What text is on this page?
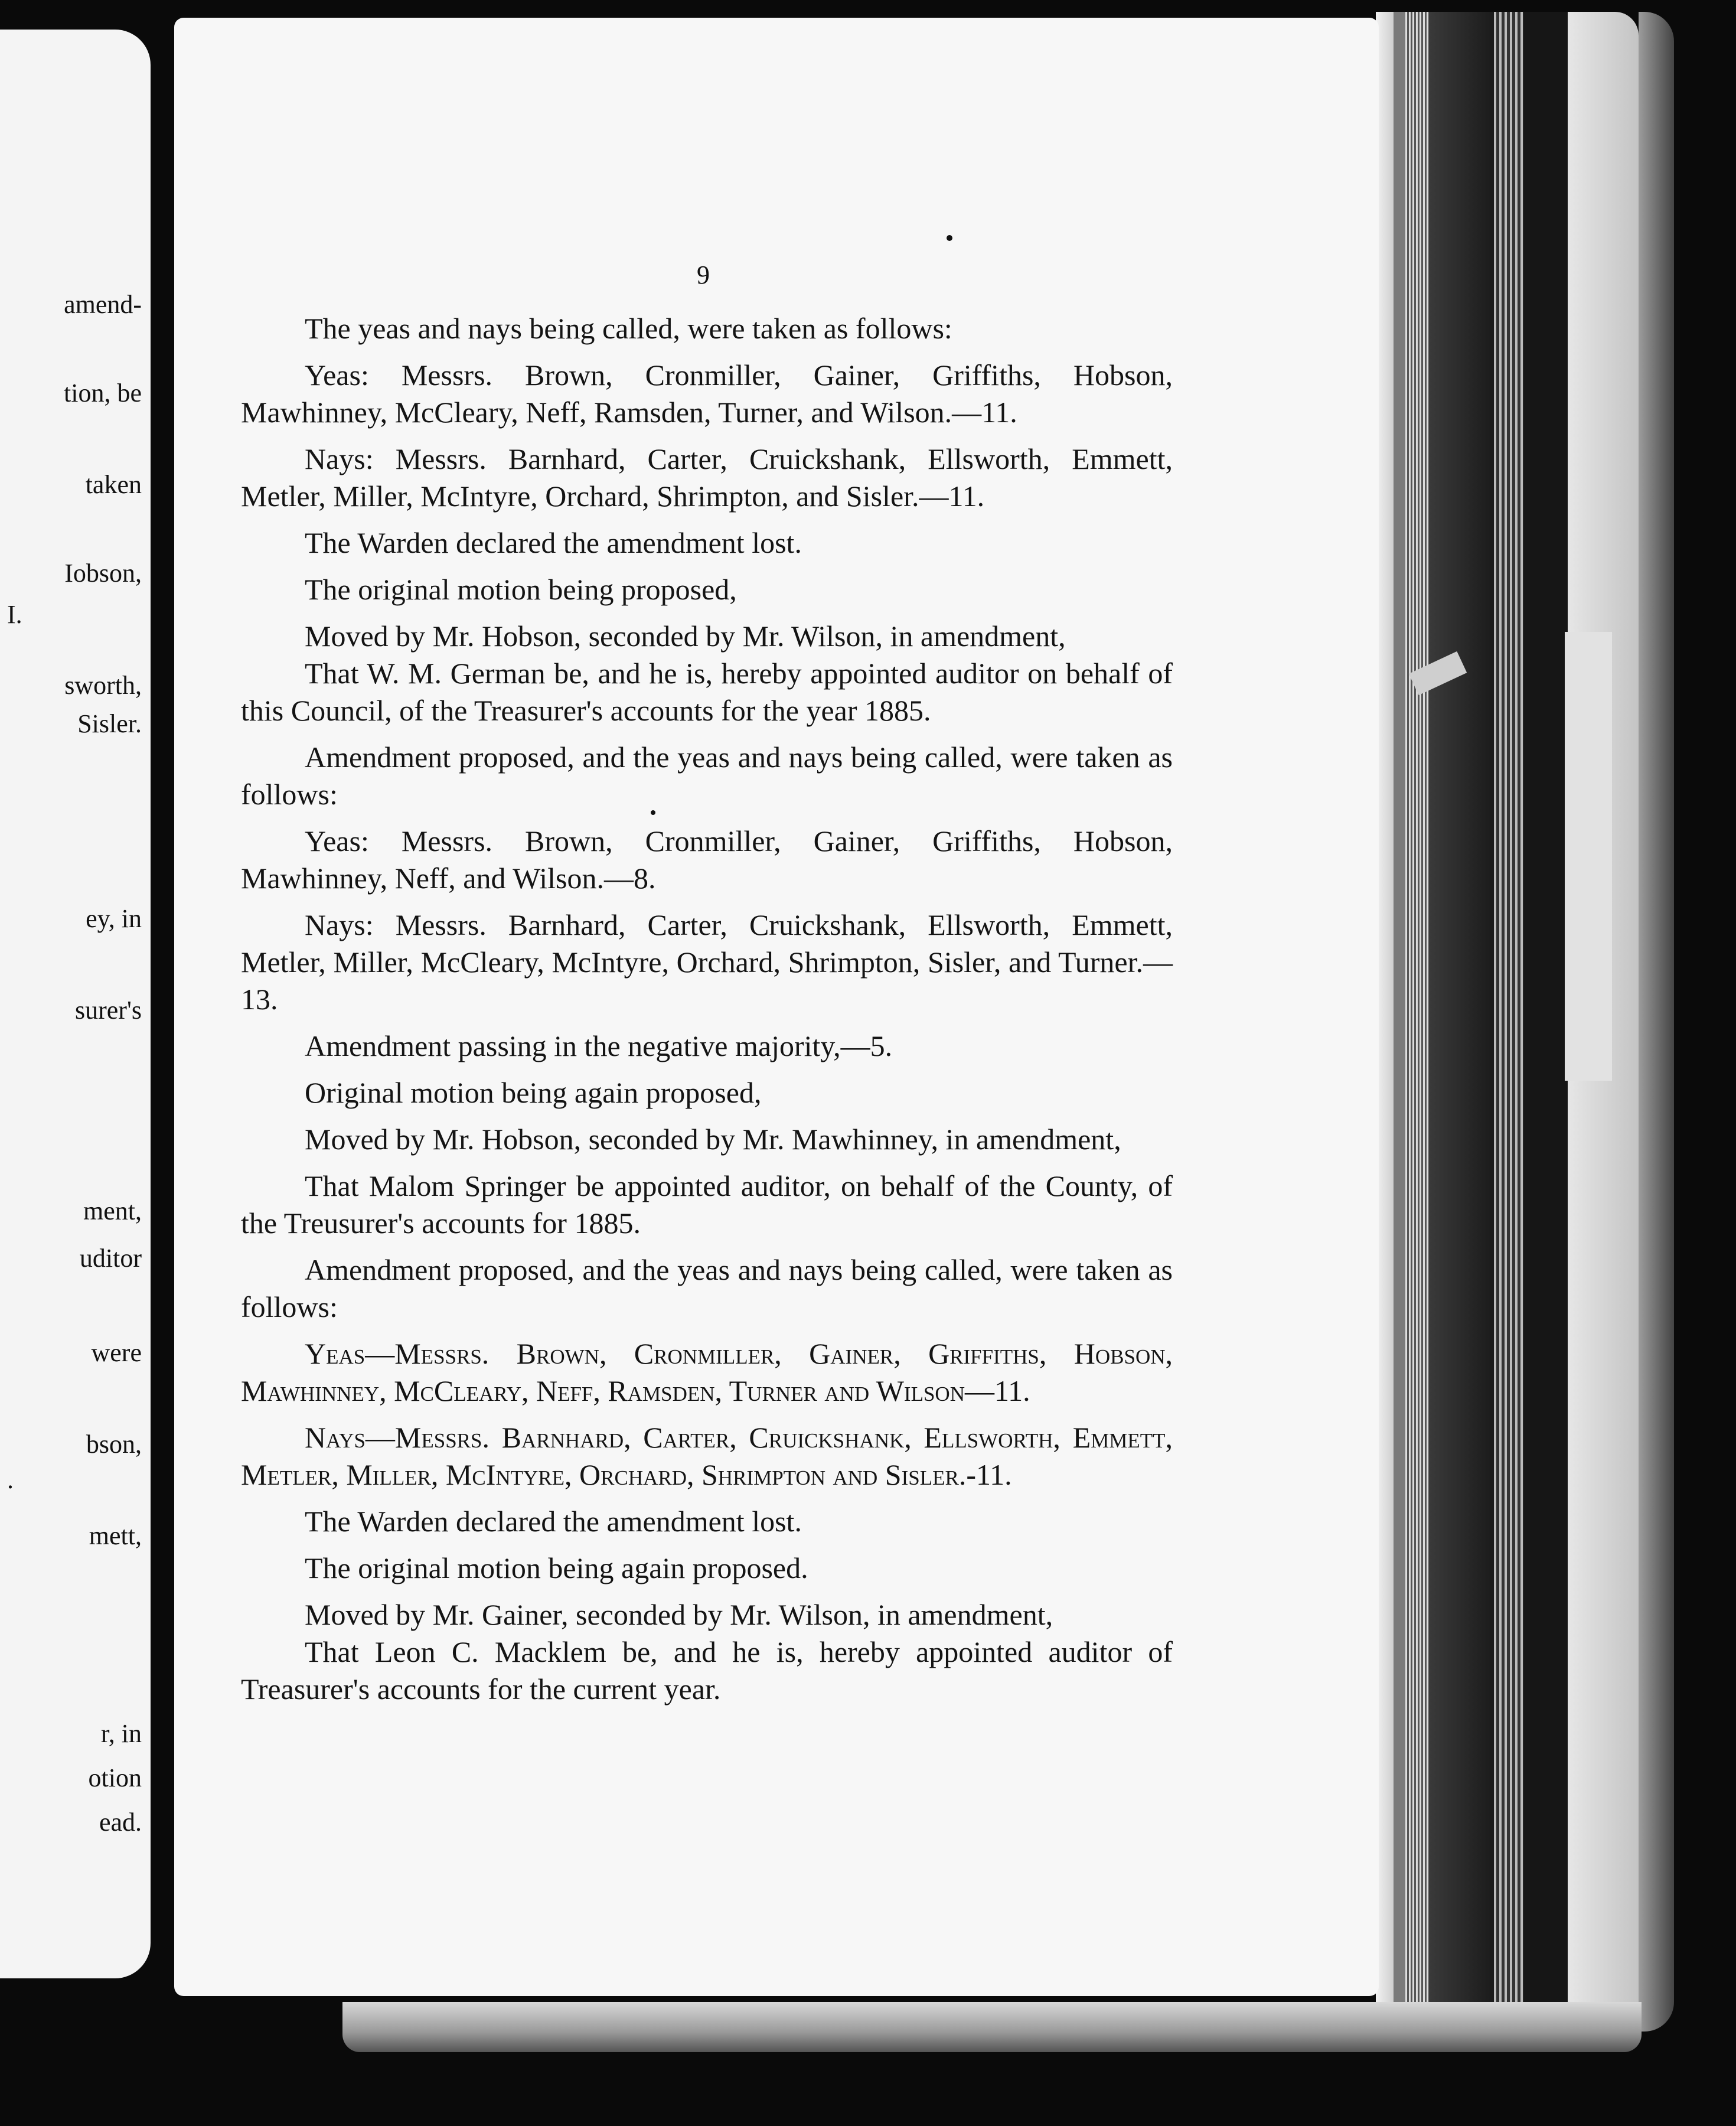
amend-
tion, be
taken
Iobson,
I.
sworth,
Sisler.
ey, in
surer's
ment,
uditor
were
bson,
.
mett,
r, in
otion
ead.
9

The yeas and nays being called, were taken as follows:

Yeas: Messrs. Brown, Cronmiller, Gainer, Griffiths, Hobson, Mawhinney, McCleary, Neff, Ramsden, Turner, and Wilson.—11.

Nays: Messrs. Barnhard, Carter, Cruickshank, Ellsworth, Emmett, Metler, Miller, McIntyre, Orchard, Shrimpton, and Sisler.—11.

The Warden declared the amendment lost.

The original motion being proposed,

Moved by Mr. Hobson, seconded by Mr. Wilson, in amendment,

That W. M. German be, and he is, hereby appointed auditor on behalf of this Council, of the Treasurer's accounts for the year 1885.

Amendment proposed, and the yeas and nays being called, were taken as follows:

Yeas: Messrs. Brown, Cronmiller, Gainer, Griffiths, Hobson, Mawhinney, Neff, and Wilson.—8.

Nays: Messrs. Barnhard, Carter, Cruickshank, Ellsworth, Emmett, Metler, Miller, McCleary, McIntyre, Orchard, Shrimpton, Sisler, and Turner.—13.

Amendment passing in the negative majority,—5.

Original motion being again proposed,

Moved by Mr. Hobson, seconded by Mr. Mawhinney, in amendment,

That Malom Springer be appointed auditor, on behalf of the County, of the Treusurer's accounts for 1885.

Amendment proposed, and the yeas and nays being called, were taken as follows:

Yeas—Messrs. Brown, Cronmiller, Gainer, Griffiths, Hobson, Mawhinney, McCleary, Neff, Ramsden, Turner and Wilson—11.

Nays—Messrs. Barnhard, Carter, Cruickshank, Ellsworth, Emmett, Metler, Miller, McIntyre, Orchard, Shrimpton and Sisler.-11.

The Warden declared the amendment lost.

The original motion being again proposed.

Moved by Mr. Gainer, seconded by Mr. Wilson, in amendment,

That Leon C. Macklem be, and he is, hereby appointed auditor of Treasurer's accounts for the current year.
